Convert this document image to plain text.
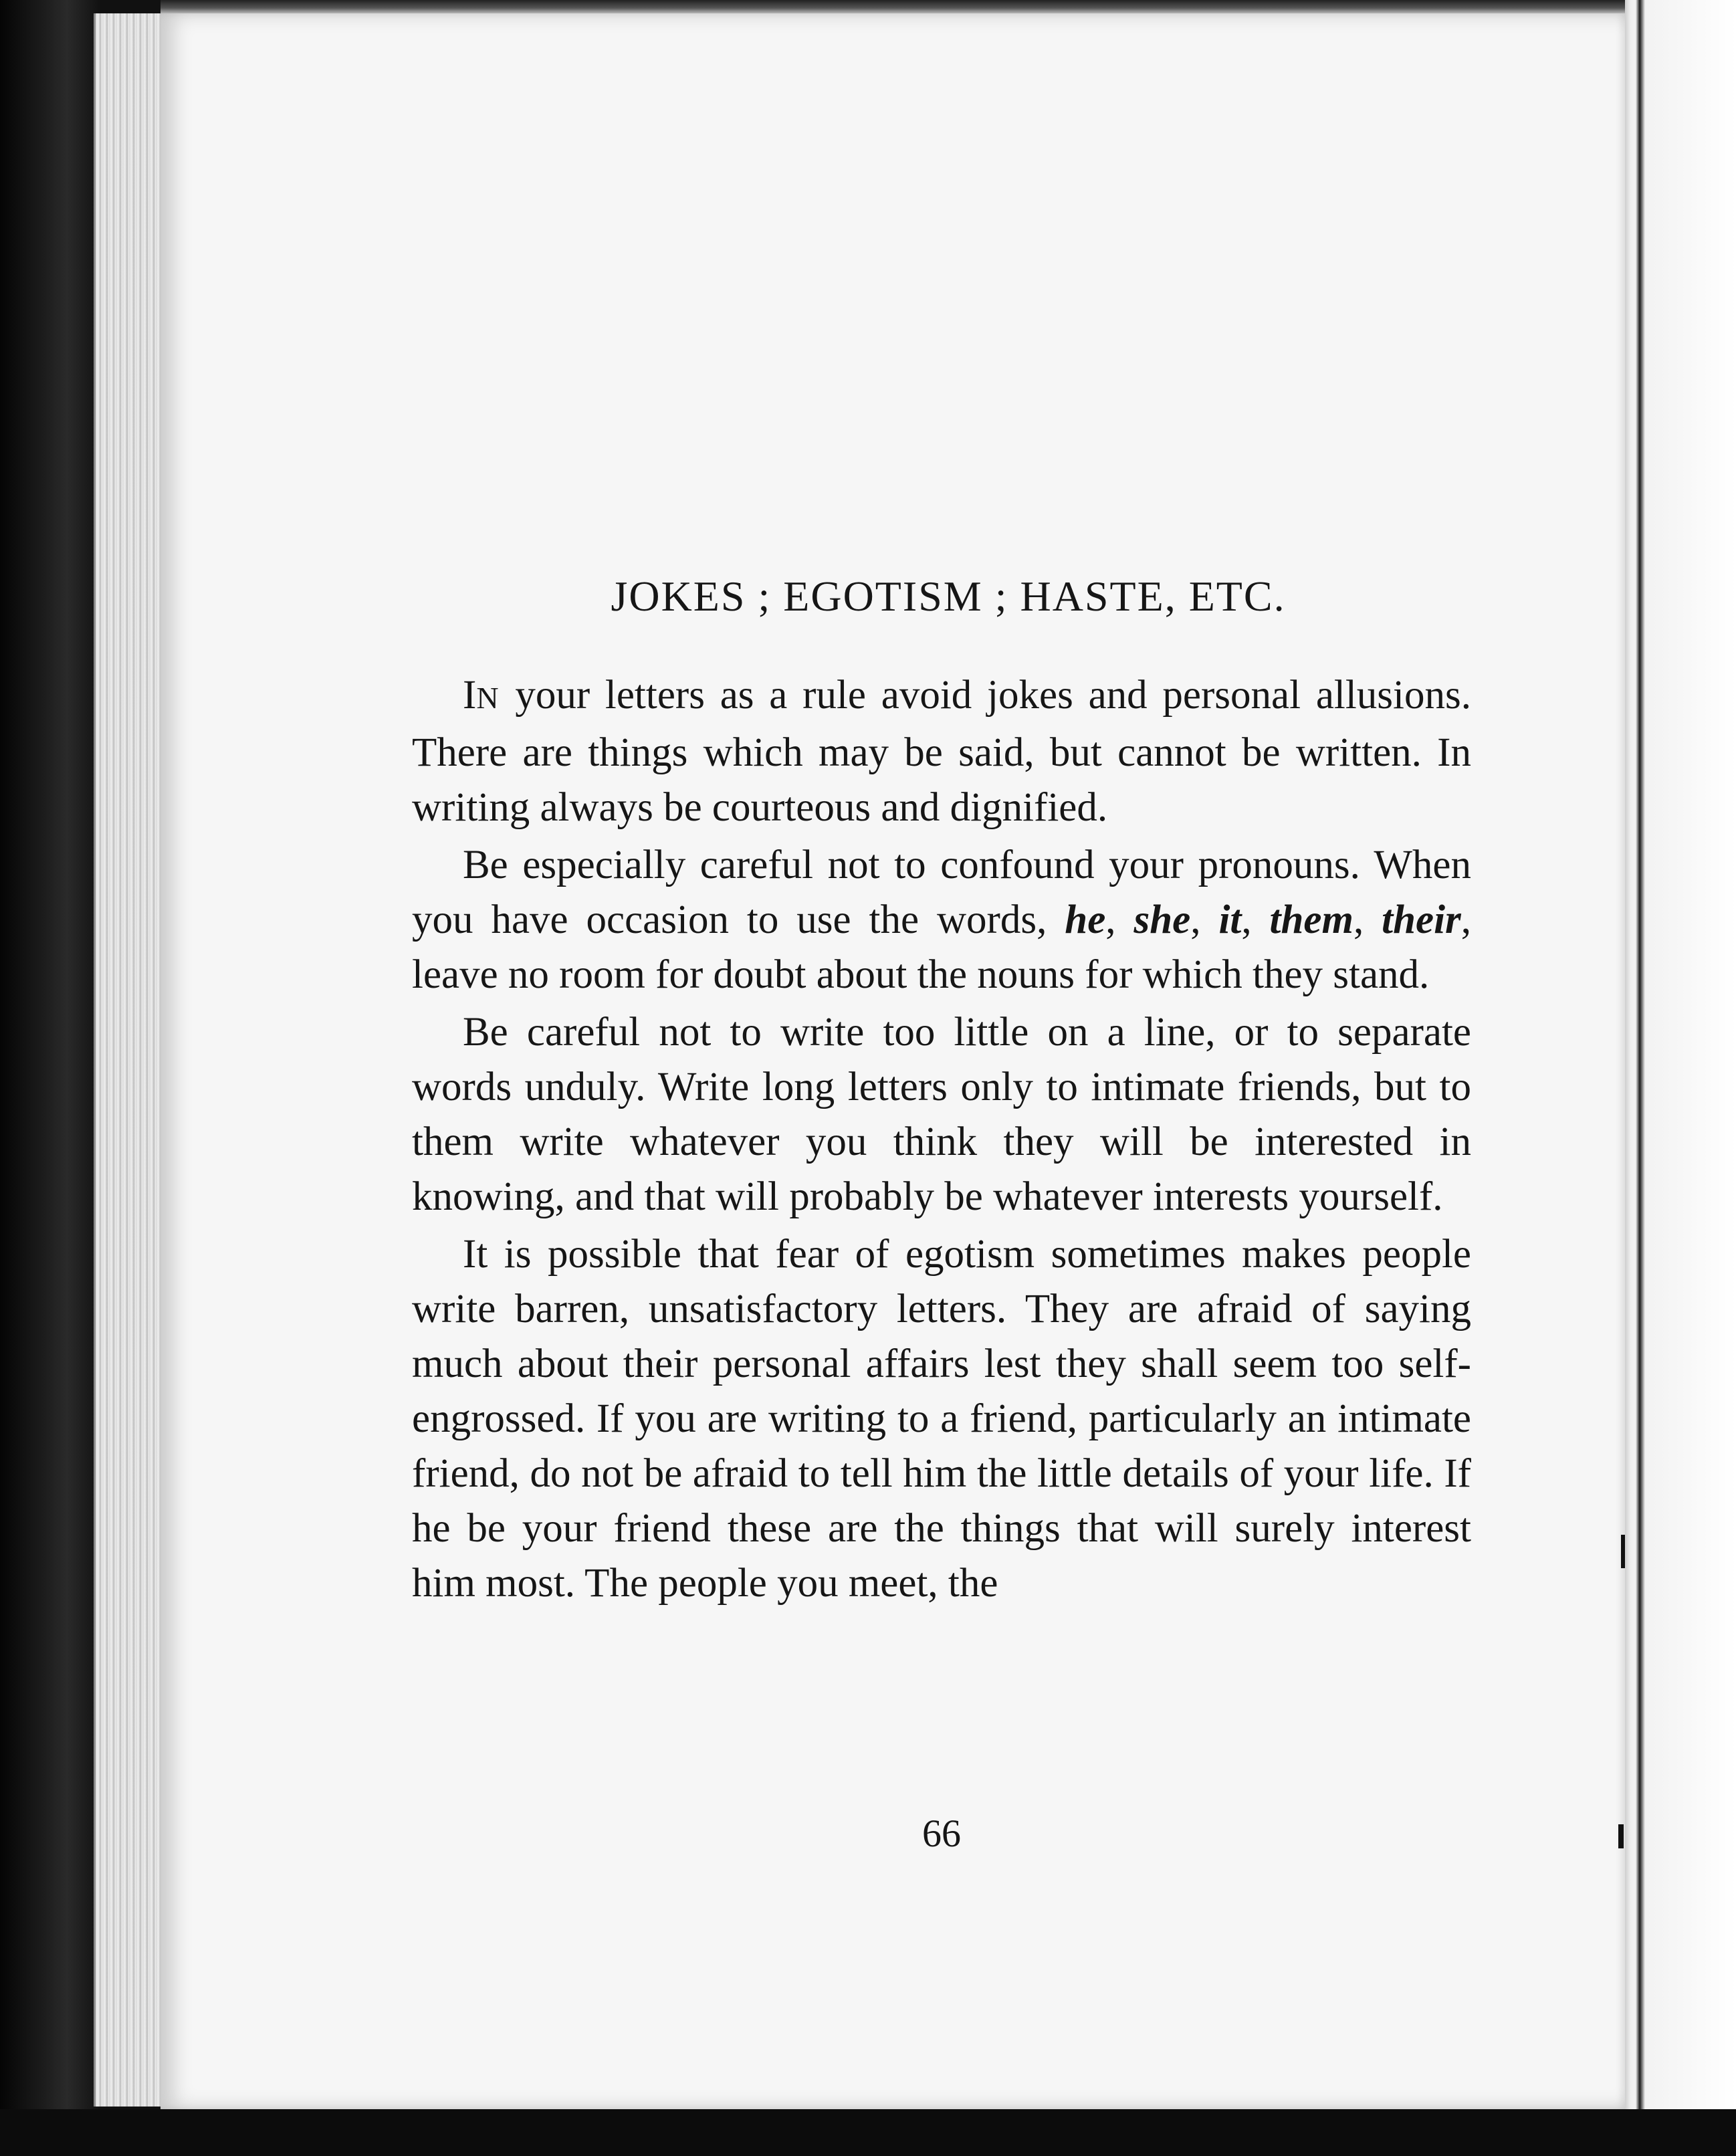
JOKES ; EGOTISM ; HASTE, ETC.

IN your letters as a rule avoid jokes and personal allusions. There are things which may be said, but cannot be written. In writing always be courteous and dignified.

Be especially careful not to confound your pronouns. When you have occasion to use the words, he, she, it, them, their, leave no room for doubt about the nouns for which they stand.

Be careful not to write too little on a line, or to separate words unduly. Write long letters only to intimate friends, but to them write whatever you think they will be interested in knowing, and that will probably be whatever interests yourself.

It is possible that fear of egotism sometimes makes people write barren, unsatisfactory letters. They are afraid of saying much about their personal affairs lest they shall seem too self-engrossed. If you are writing to a friend, particularly an intimate friend, do not be afraid to tell him the little details of your life. If he be your friend these are the things that will surely interest him most. The people you meet, the

66
